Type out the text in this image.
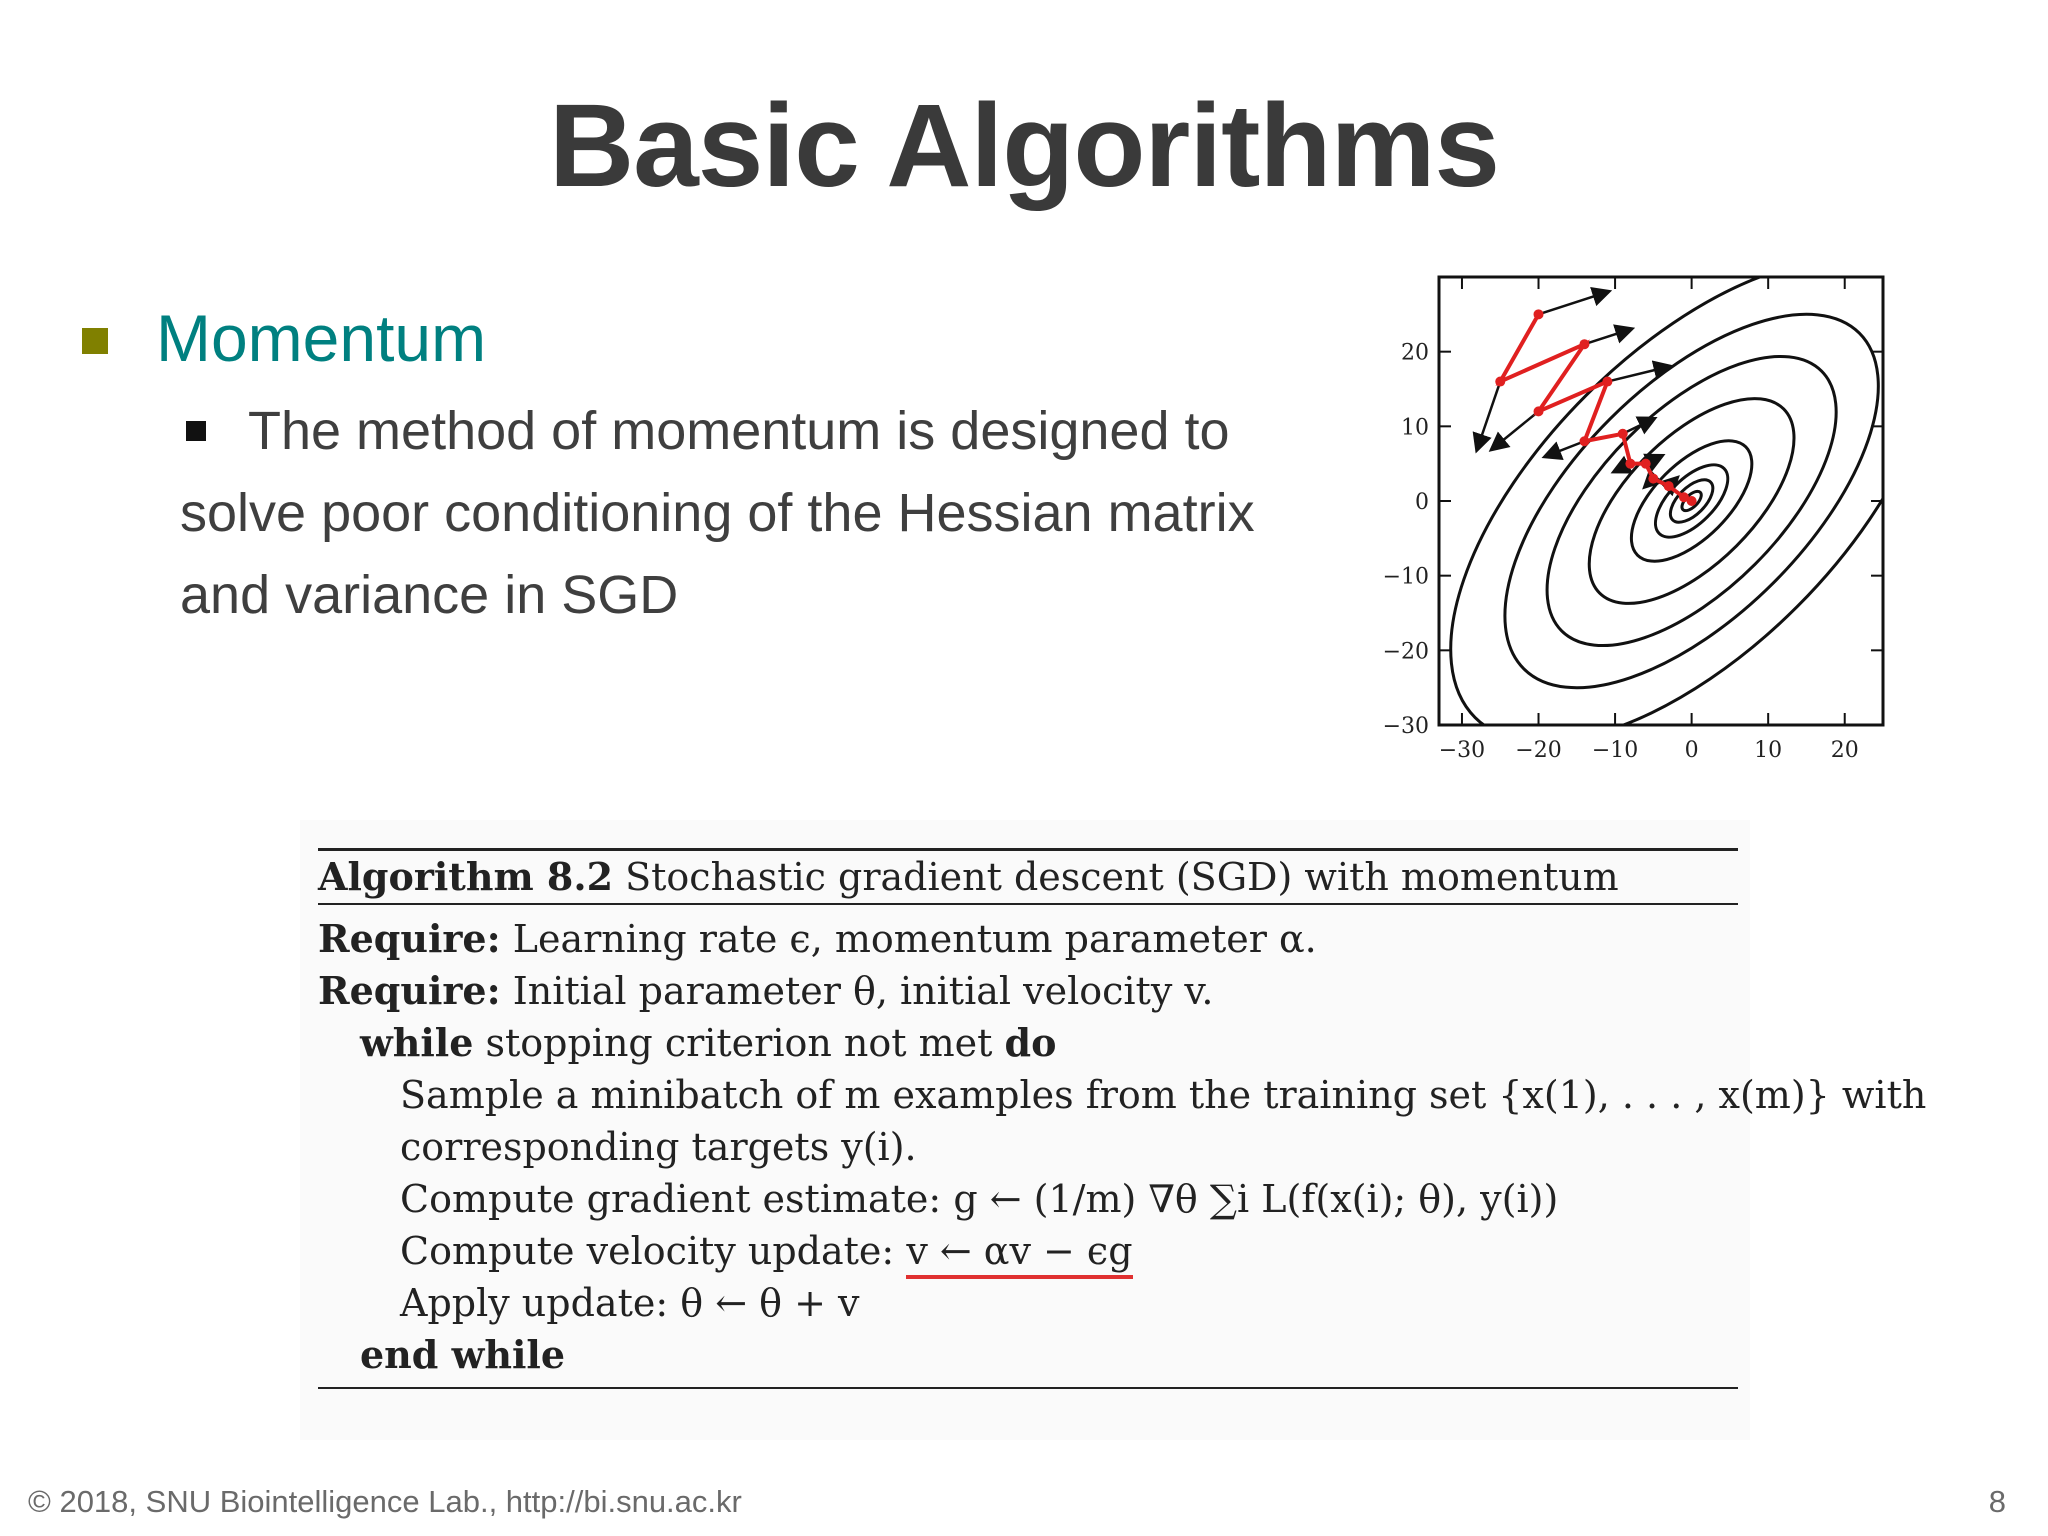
Basic Algorithms
Momentum
The method of momentum is designed to solve poor conditioning of the Hessian matrix and variance in SGD
−30 −20 −10 0	10 20
20
10
0
−10
−20
−30
Algorithm 8.2 Stochastic gradient descent (SGD) with momentum
Require: Learning rate ϵ, momentum parameter α.
Require: Initial parameter θ, initial velocity v.
while stopping criterion not met do
Sample a minibatch of m examples from the training set {x(1), . . . , x(m)} with
corresponding targets y(i).
Compute gradient estimate: g ← (1/m) ∇θ ∑i L(f(x(i); θ), y(i))
Compute velocity update: v ← αv − ϵg
Apply update: θ ← θ + v
end while
© 2018, SNU Biointelligence Lab., http://bi.snu.ac.kr	8
